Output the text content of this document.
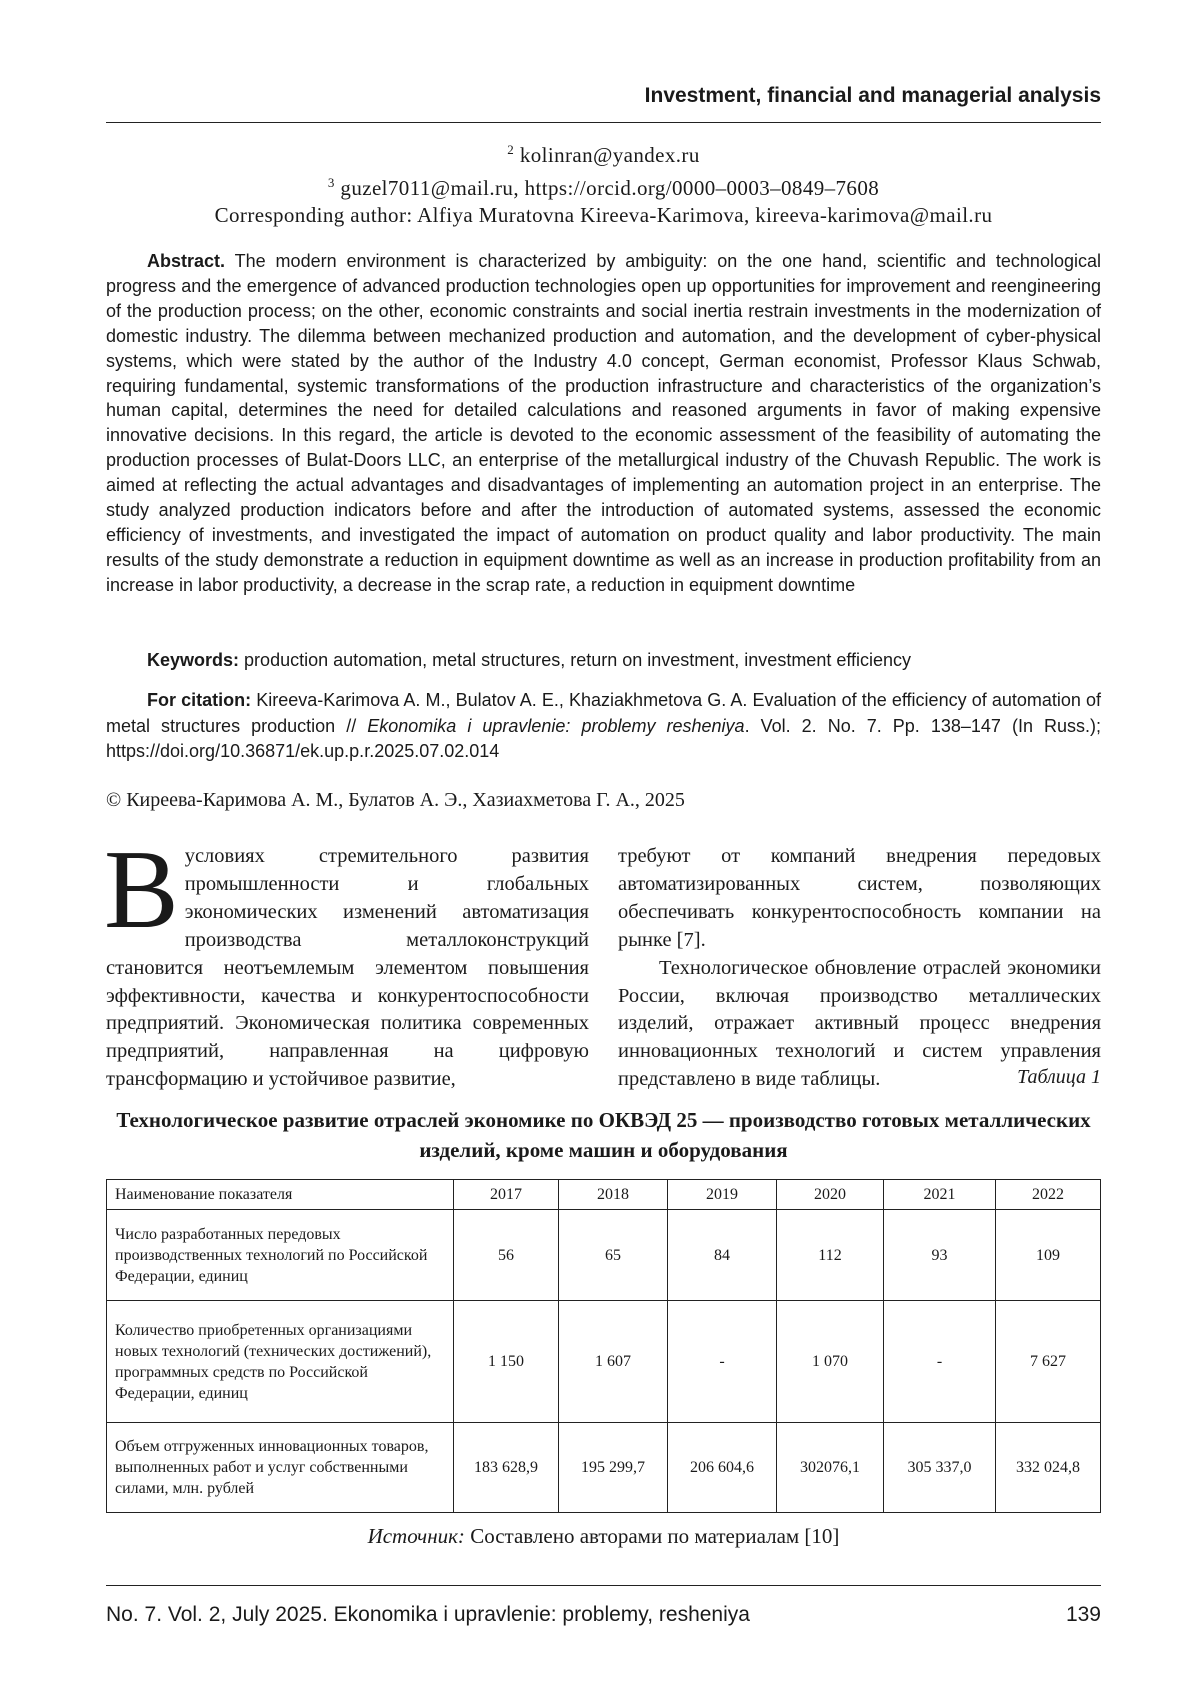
Investment, financial and managerial analysis
$^2$ kolinran@yandex.ru
$^3$ guzel7011@mail.ru, https://orcid.org/0000–0003–0849–7608
Corresponding author: Alfiya Muratovna Kireeva-Karimova, kireeva-karimova@mail.ru
Abstract. The modern environment is characterized by ambiguity: on the one hand, scientific and technological progress and the emergence of advanced production technologies open up opportunities for improvement and reengineering of the production process; on the other, economic constraints and social inertia restrain investments in the modernization of domestic industry. The dilemma between mechanized production and automation, and the development of cyber-physical systems, which were stated by the author of the Industry 4.0 concept, German economist, Professor Klaus Schwab, requiring fundamental, systemic transformations of the production infrastructure and characteristics of the organization’s human capital, determines the need for detailed calculations and reasoned arguments in favor of making expensive innovative decisions. In this regard, the article is devoted to the economic assessment of the feasibility of automating the production processes of Bulat-Doors LLC, an enterprise of the metallurgical industry of the Chuvash Republic. The work is aimed at reflecting the actual advantages and disadvantages of implementing an automation project in an enterprise. The study analyzed production indicators before and after the introduction of automated systems, assessed the economic efficiency of investments, and investigated the impact of automation on product quality and labor productivity. The main results of the study demonstrate a reduction in equipment downtime as well as an increase in production profitability from an increase in labor productivity, a decrease in the scrap rate, a reduction in equipment downtime
Keywords: production automation, metal structures, return on investment, investment efficiency
For citation: Kireeva-Karimova A. M., Bulatov A. E., Khaziakhmetova G. A. Evaluation of the efficiency of automation of metal structures production // Ekonomika i upravlenie: problemy resheniya. Vol. 2. No. 7. Pp. 138–147 (In Russ.); https://doi.org/10.36871/ek.up.p.r.2025.07.02.014
© Киреева-Каримова А. М., Булатов А. Э., Хазиахметова Г. А., 2025

Вусловиях стремительного развития промышленности и глобальных экономических изменений автоматизация производства металлоконструкций становится неотъемлемым элементом повышения эффективности, качества и конкурентоспособности предприятий. Экономическая политика современных предприятий, направленная на цифровую трансформацию и устойчивое развитие,

требуют от компаний внедрения передовых автоматизированных систем, позволяющих обеспечивать конкурентоспособность компании на рынке [7].

Технологическое обновление отраслей экономики России, включая производство металлических изделий, отражает активный процесс внедрения инновационных технологий и систем управления представлено в виде таблицы.	Таблица 1
Технологическое развитие отраслей экономике по ОКВЭД 25 — производство готовых металлических изделий, кроме машин и оборудования
Наименование показателя	2017	2018	2019	2020	2021	2022
Число разработанных передовых производственных технологий по Российской Федерации, единиц	56	65	84	112	93	109
Количество приобретенных организациями новых технологий (технических достижений), программных средств по Российской Федерации, единиц	1 150	1 607	-	1 070	-	7 627
Объем отгруженных инновационных товаров, выполненных работ и услуг собственными силами, млн. рублей	183 628,9	195 299,7	206 604,6	302076,1	305 337,0	332 024,8
Источник: Составлено авторами по материалам [10]
No. 7. Vol. 2, July 2025. Ekonomika i upravlenie: problemy, resheniya	139
